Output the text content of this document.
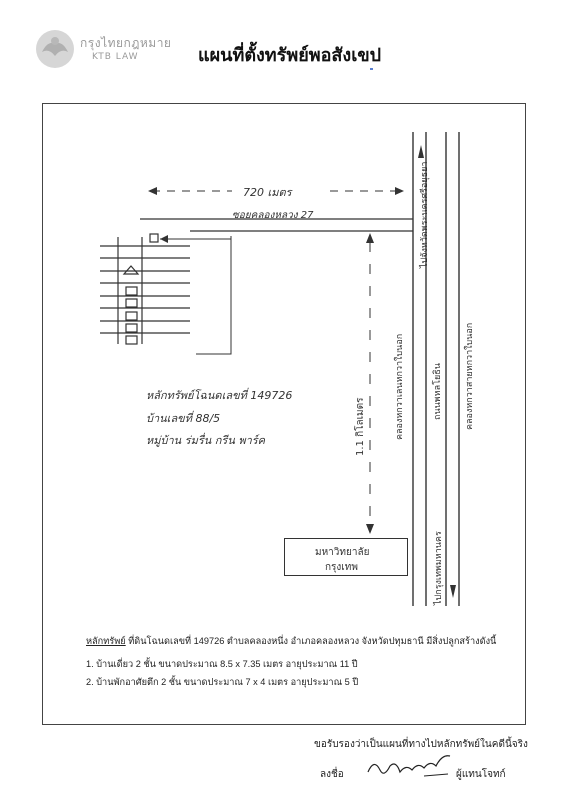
กรุงไทยกฎหมาย
KTB LAW	แผนที่ตั้งทรัพย์พอสังเขป
720 เมตร
ซอยคลองหลวง 27	ไปจังหวัดพระนครศรีอยุธยา
คลองหกวาเลนหกวาใบนอก	ถนนพหลโยธิน	คลองหกวาสายหกวาใบนอก
ไปกรุงเทพมหานคร
1.1 กิโลเมตร
หลักทรัพย์โฉนดเลขที่ 149726
บ้านเลขที่ 88/5
หมู่บ้าน ร่มรื่น กรีน พาร์ค
มหาวิทยาลัย
กรุงเทพ
หลักทรัพย์ ที่ดินโฉนดเลขที่ 149726 ตำบลคลองหนึ่ง อำเภอคลองหลวง จังหวัดปทุมธานี มีสิ่งปลูกสร้างดังนี้
1. บ้านเดี่ยว 2 ชั้น ขนาดประมาณ 8.5 x 7.35 เมตร อายุประมาณ 11 ปี
2. บ้านพักอาศัยตึก 2 ชั้น ขนาดประมาณ 7 x 4 เมตร อายุประมาณ 5 ปี
ขอรับรองว่าเป็นแผนที่ทางไปหลักทรัพย์ในคดีนี้จริง
ลงชื่อ	ผู้แทนโจทก์
